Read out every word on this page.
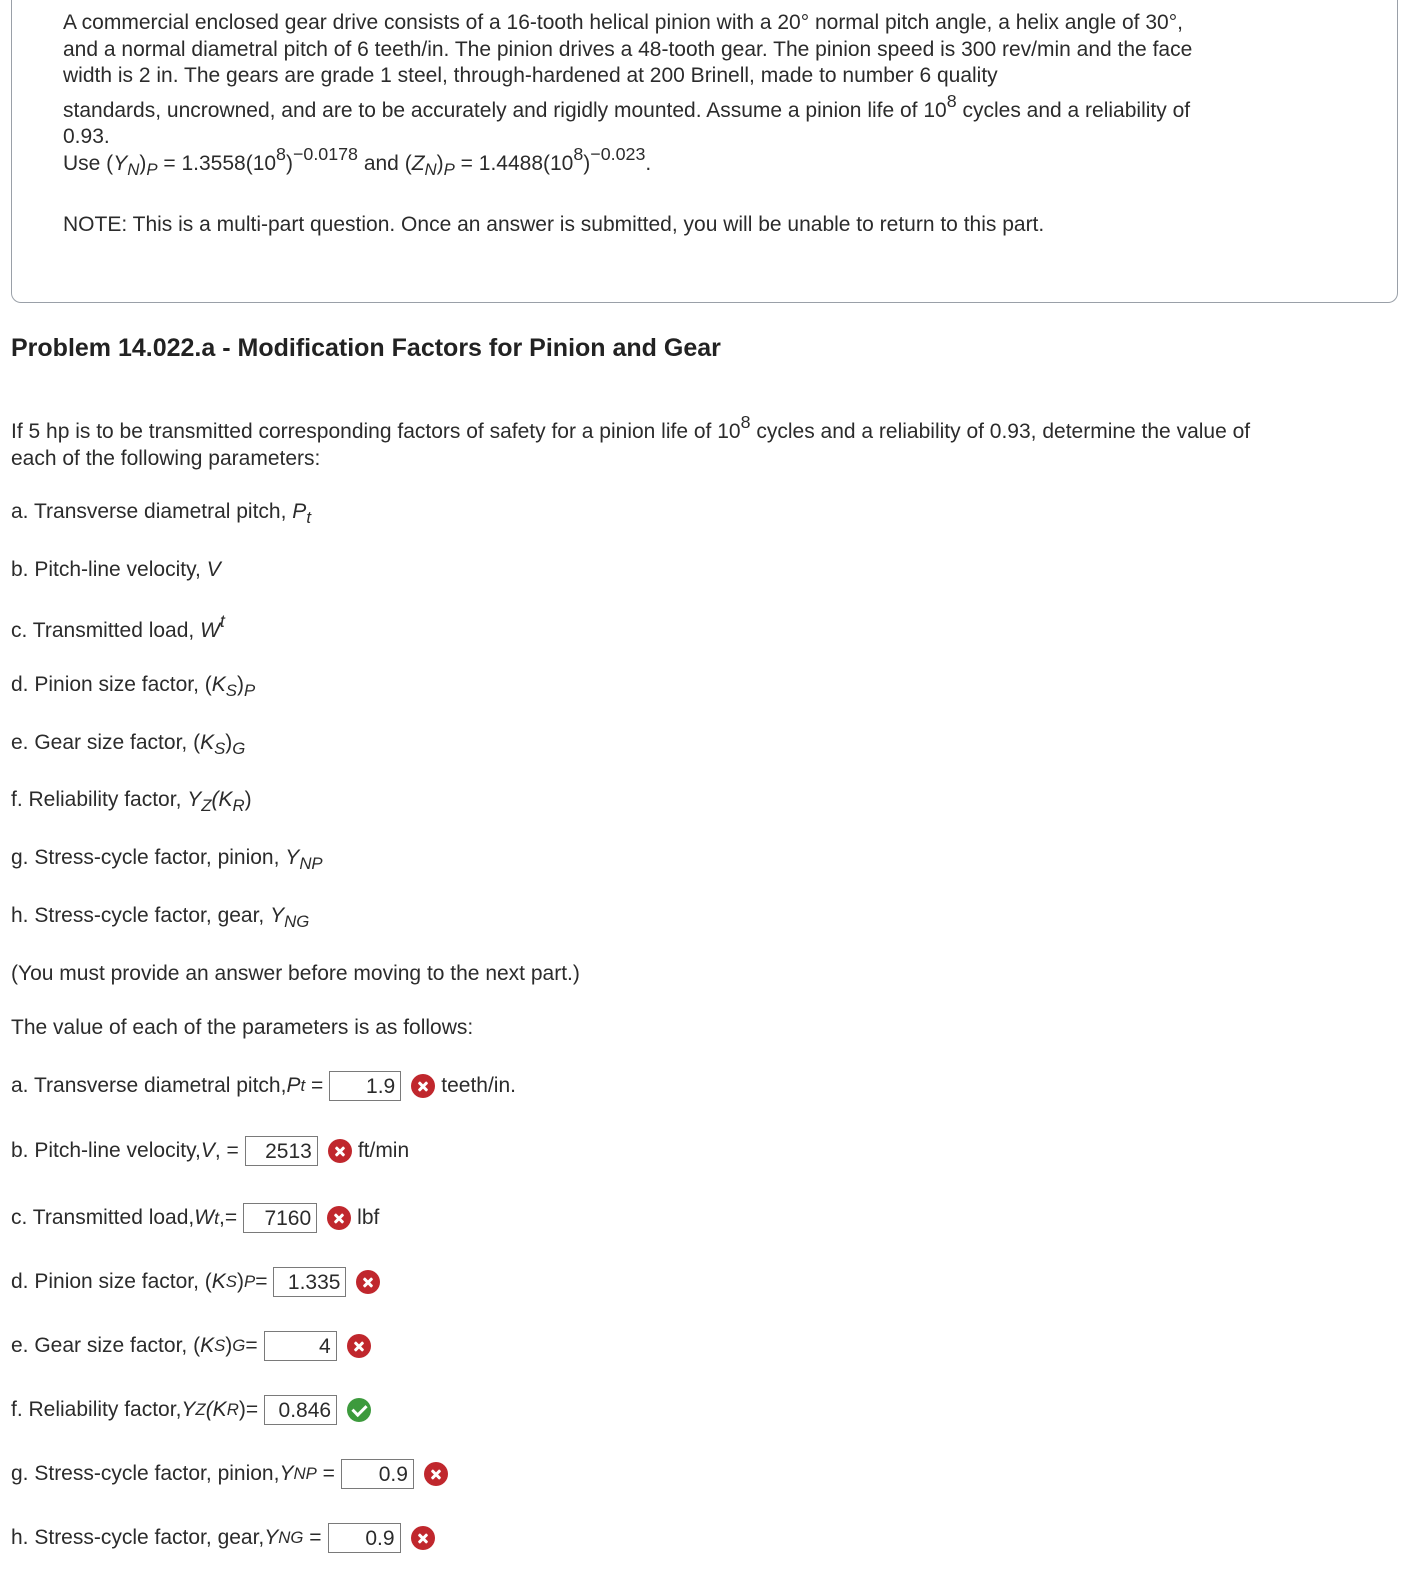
A commercial enclosed gear drive consists of a 16-tooth helical pinion with a 20° normal pitch angle, a helix angle of 30°,

and a normal diametral pitch of 6 teeth/in. The pinion drives a 48-tooth gear. The pinion speed is 300 rev/min and the face

width is 2 in. The gears are grade 1 steel, through-hardened at 200 Brinell, made to number 6 quality

standards, uncrowned, and are to be accurately and rigidly mounted. Assume a pinion life of $10^8$ cycles and a reliability of

0.93.

Use $(Y_N)_P = 1.3558(10^8)^{-0.0178}$ and $(Z_N)_P = 1.4488(10^8)^{-0.023}$.
NOTE: This is a multi-part question. Once an answer is submitted, you will be unable to return to this part.
Problem 14.022.a - Modification Factors for Pinion and Gear
If 5 hp is to be transmitted corresponding factors of safety for a pinion life of $10^8$ cycles and a reliability of 0.93, determine the value of
each of the following parameters:
a. Transverse diametral pitch, $P_t$
b. Pitch-line velocity, V
c. Transmitted load, $W^t$
d. Pinion size factor, $(K_S)_P$
e. Gear size factor, $(K_S)_G$
f. Reliability factor, $Y_Z(K_R)$
g. Stress-cycle factor, pinion, $Y_{NP}$
h. Stress-cycle factor, gear, $Y_{NG}$
(You must provide an answer before moving to the next part.)
The value of each of the parameters is as follows:
a. Transverse diametral pitch, P t =	1.9 teeth/in.
b. Pitch-line velocity, V , =	2513 ft/min
c. Transmitted load, W t ,=	7160 lbf
d. Pinion size factor, ( K S ) P = 1.335
e. Gear size factor, ( K S ) G =	4
f. Reliability factor, Y Z (K R ) = 0.846
g. Stress-cycle factor, pinion, Y NP =	0.9
h. Stress-cycle factor, gear, Y NG =	0.9
